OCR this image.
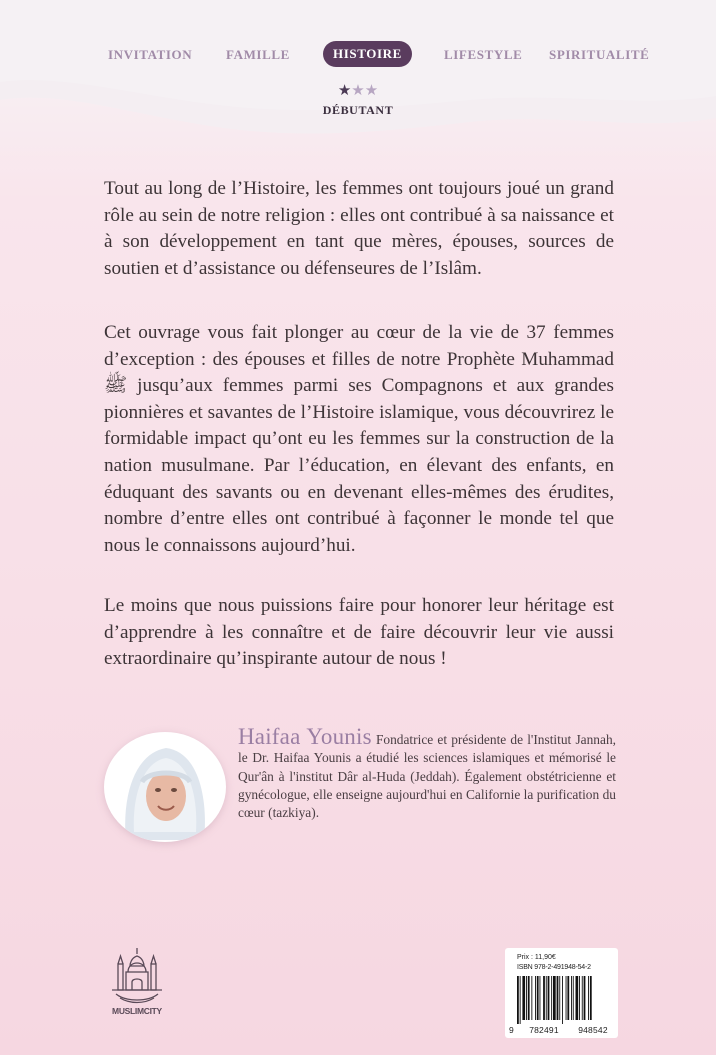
INVITATION	FAMILLE	HISTOIRE	LIFESTYLE SPIRITUALITÉ
★★★
DÉBUTANT

Tout au long de l’Histoire, les femmes ont toujours joué un grand rôle au sein de notre religion : elles ont contribué à sa naissance et à son développement en tant que mères, épouses, sources de soutien et d’assistance ou défenseures de l’Islâm.

Cet ouvrage vous fait plonger au cœur de la vie de 37 femmes d’exception : des épouses et filles de notre Prophète Muhammad ﷺ jusqu’aux femmes parmi ses Compagnons et aux grandes pionnières et savantes de l’Histoire islamique, vous découvrirez le formidable impact qu’ont eu les femmes sur la construction de la nation musulmane. Par l’éducation, en élevant des enfants, en éduquant des savants ou en devenant elles-mêmes des érudites, nombre d’entre elles ont contribué à façonner le monde tel que nous le connaissons aujourd’hui.

Le moins que nous puissions faire pour honorer leur héritage est d’apprendre à les connaître et de faire découvrir leur vie aussi extraordinaire qu’inspirante autour de nous !

Haifaa Younis Fondatrice et présidente de l'Institut Jannah, le Dr. Haifaa Younis a étudié les sciences islamiques et mémorisé le Qur'ân à l'institut Dâr al-Huda (Jeddah). Également obstétricienne et gynécologue, elle enseigne aujourd'hui en Californie la purification du cœur (tazkiya).
MUSLIMCITY
Prix : 11,90€
ISBN 978-2-491948-54-2
9	782491	948542
